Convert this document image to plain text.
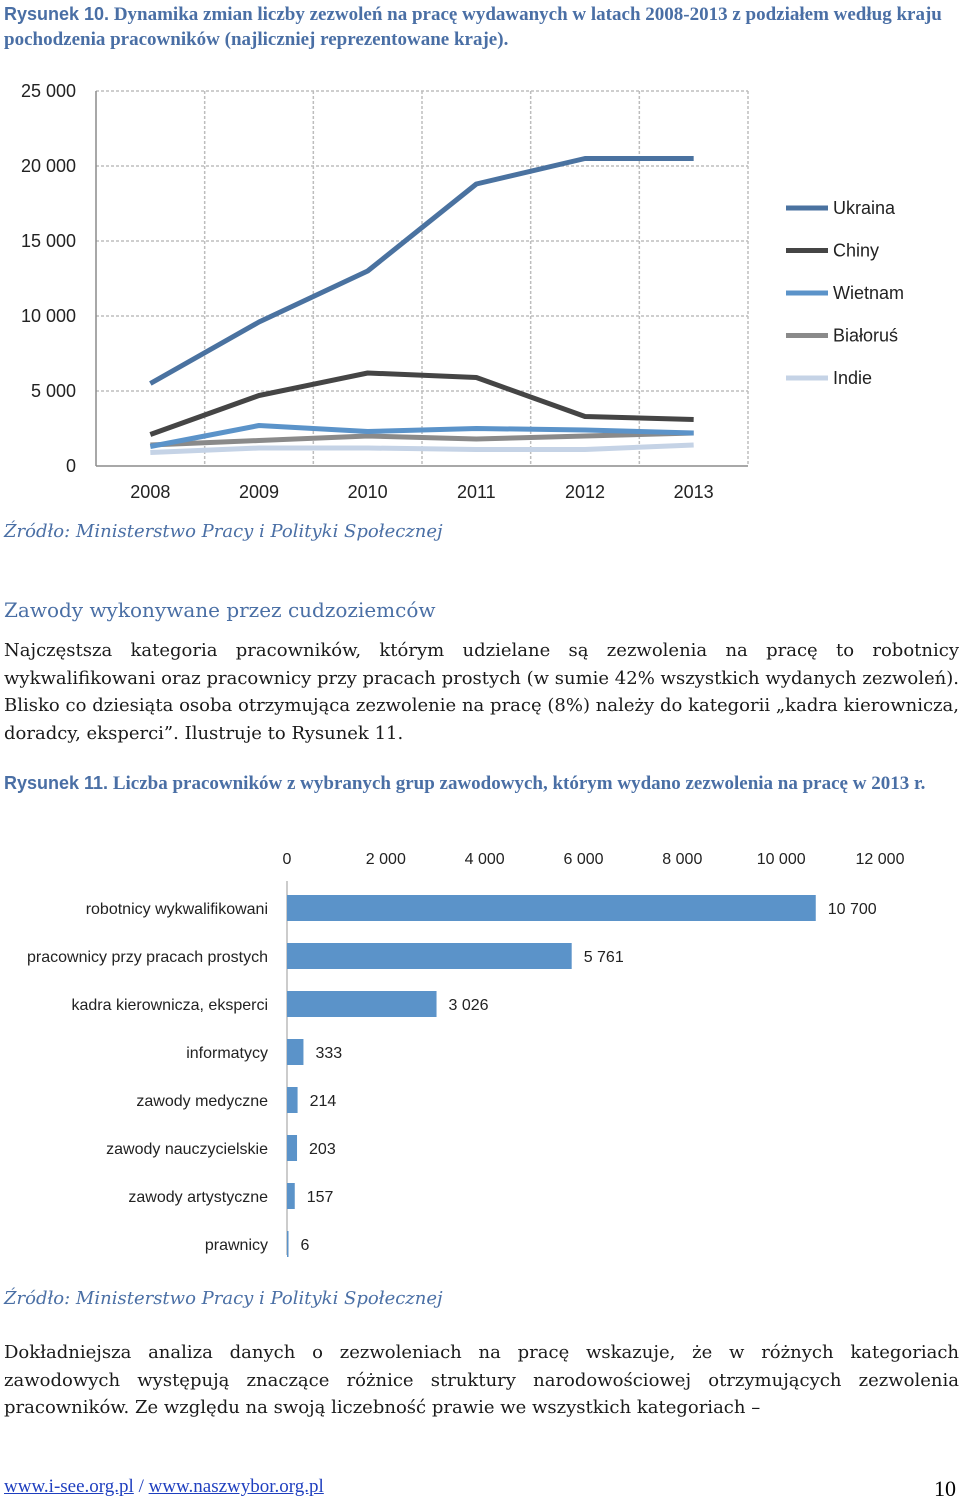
Rysunek 10. Dynamika zmian liczby zezwoleń na pracę wydawanych w latach 2008-2013 z podziałem według kraju pochodzenia pracowników (najliczniej reprezentowane kraje).
0
5 000
10 000
15 000
20 000
25 000
2008	2009	2010	2011	2012	2013
Ukraina
Chiny
Wietnam
Białoruś
Indie
Źródło: Ministerstwo Pracy i Polityki Społecznej
Zawody wykonywane przez cudzoziemców
Najczęstsza kategoria pracowników, którym udzielane są zezwolenia na pracę to robotnicy wykwalifikowani oraz pracownicy przy pracach prostych (w sumie 42% wszystkich wydanych zezwoleń). Blisko co dziesiąta osoba otrzymująca zezwolenie na pracę (8%) należy do kategorii „kadra kierownicza, doradcy, eksperci”. Ilustruje to Rysunek 11.
Rysunek 11. Liczba pracowników z wybranych grup zawodowych, którym wydano zezwolenia na pracę w 2013 r.
0	2 000	4 000	6 000	8 000	10 000	12 000
robotnicy wykwalifikowani	10 700
pracownicy przy pracach prostych	5 761
kadra kierownicza, eksperci	3 026
informatycy	333
zawody medyczne	214
zawody nauczycielskie	203
zawody artystyczne 157
prawnicy 6
Źródło: Ministerstwo Pracy i Polityki Społecznej
Dokładniejsza analiza danych o zezwoleniach na pracę wskazuje, że w różnych kategoriach zawodowych występują znaczące różnice struktury narodowościowej otrzymujących zezwolenia pracowników. Ze względu na swoją liczebność prawie we wszystkich kategoriach –
www.i-see.org.pl / www.naszwybor.org.pl	10
